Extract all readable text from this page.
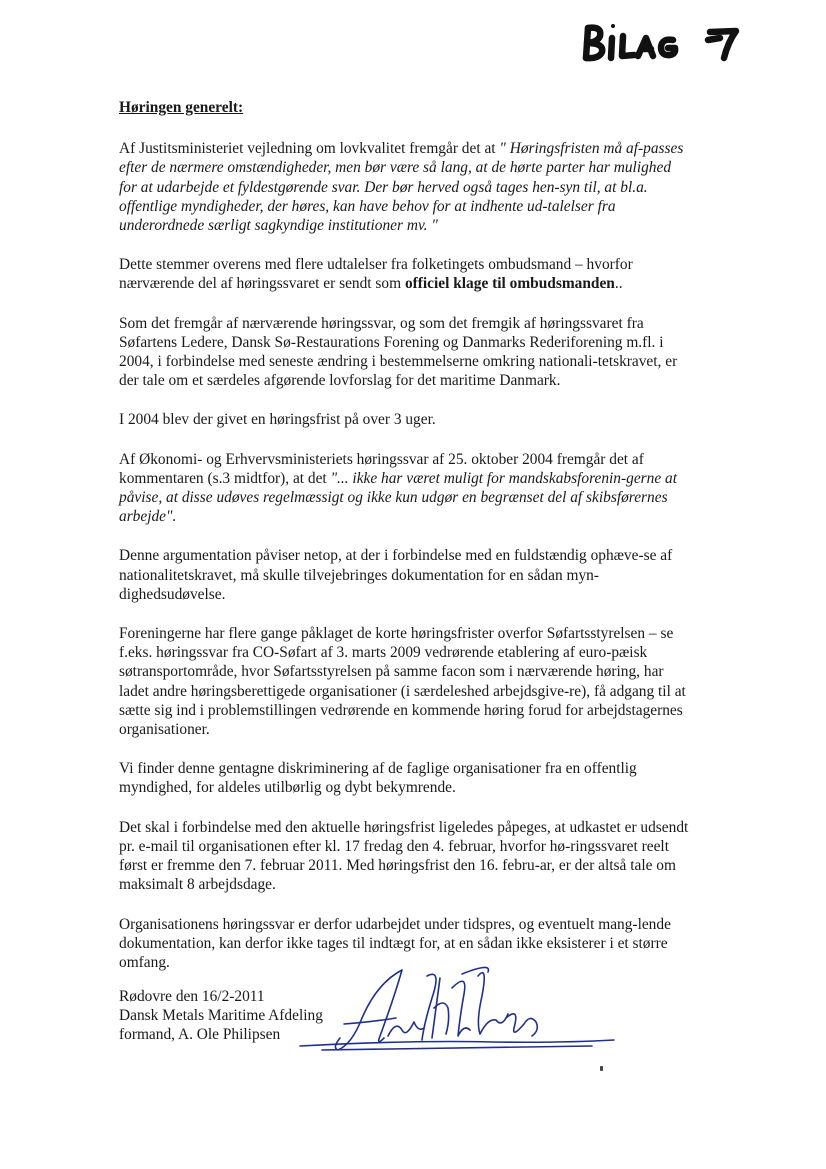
Høringen generelt:

Af Justitsministeriet vejledning om lovkvalitet fremgår det at " Høringsfristen må af-passes efter de nærmere omstændigheder, men bør være så lang, at de hørte parter har mulighed for at udarbejde et fyldestgørende svar. Der bør herved også tages hen-syn til, at bl.a. offentlige myndigheder, der høres, kan have behov for at indhente ud-talelser fra underordnede særligt sagkyndige institutioner mv. "

Dette stemmer overens med flere udtalelser fra folketingets ombudsmand – hvorfor nærværende del af høringssvaret er sendt som officiel klage til ombudsmanden..

Som det fremgår af nærværende høringssvar, og som det fremgik af høringssvaret fra Søfartens Ledere, Dansk Sø-Restaurations Forening og Danmarks Rederiforening m.fl. i 2004, i forbindelse med seneste ændring i bestemmelserne omkring nationali-tetskravet, er der tale om et særdeles afgørende lovforslag for det maritime Danmark.

I 2004 blev der givet en høringsfrist på over 3 uger.

Af Økonomi- og Erhvervsministeriets høringssvar af 25. oktober 2004 fremgår det af kommentaren (s.3 midtfor), at det "... ikke har været muligt for mandskabsforenin-gerne at påvise, at disse udøves regelmæssigt og ikke kun udgør en begrænset del af skibsførernes arbejde".

Denne argumentation påviser netop, at der i forbindelse med en fuldstændig ophæve-se af nationalitetskravet, må skulle tilvejebringes dokumentation for en sådan myn-dighedsudøvelse.

Foreningerne har flere gange påklaget de korte høringsfrister overfor Søfartsstyrelsen – se f.eks. høringssvar fra CO-Søfart af 3. marts 2009 vedrørende etablering af euro-pæisk søtransportområde, hvor Søfartsstyrelsen på samme facon som i nærværende høring, har ladet andre høringsberettigede organisationer (i særdeleshed arbejdsgive-re), få adgang til at sætte sig ind i problemstillingen vedrørende en kommende høring forud for arbejdstagernes organisationer.

Vi finder denne gentagne diskriminering af de faglige organisationer fra en offentlig myndighed, for aldeles utilbørlig og dybt bekymrende.

Det skal i forbindelse med den aktuelle høringsfrist ligeledes påpeges, at udkastet er udsendt pr. e-mail til organisationen efter kl. 17 fredag den 4. februar, hvorfor hø-ringssvaret reelt først er fremme den 7. februar 2011. Med høringsfrist den 16. febru-ar, er der altså tale om maksimalt 8 arbejdsdage.

Organisationens høringssvar er derfor udarbejdet under tidspres, og eventuelt mang-lende dokumentation, kan derfor ikke tages til indtægt for, at en sådan ikke eksisterer i et større omfang.

Rødovre den 16/2-2011
Dansk Metals Maritime Afdeling
formand, A. Ole Philipsen
